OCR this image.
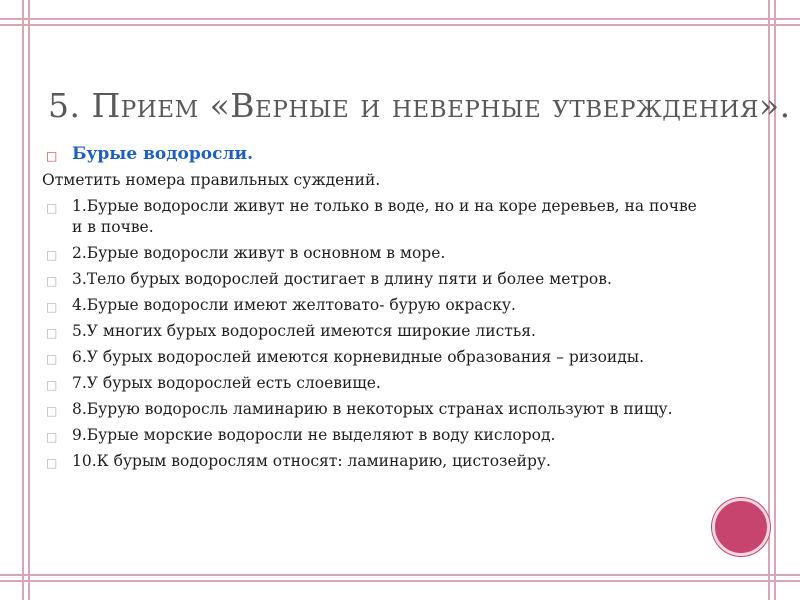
5. Прием «Верные и неверные утверждения».
□ Бурые водоросли.
Отметить номера правильных суждений.
□ 1.Бурые водоросли живут не только в воде, но и на коре деревьев, на почве и в почве.
□ 2.Бурые водоросли живут в основном в море.
□ 3.Тело бурых водорослей достигает в длину пяти и более метров.
□ 4.Бурые водоросли имеют желтовато- бурую окраску.
□ 5.У многих бурых водорослей имеются широкие листья.
□ 6.У бурых водорослей имеются корневидные образования – ризоиды.
□ 7.У бурых водорослей есть слоевище.
□ 8.Бурую водоросль ламинарию в некоторых странах используют в пищу.
□ 9.Бурые морские водоросли не выделяют в воду кислород.
□ 10.К бурым водорослям относят: ламинарию, цистозейру.
